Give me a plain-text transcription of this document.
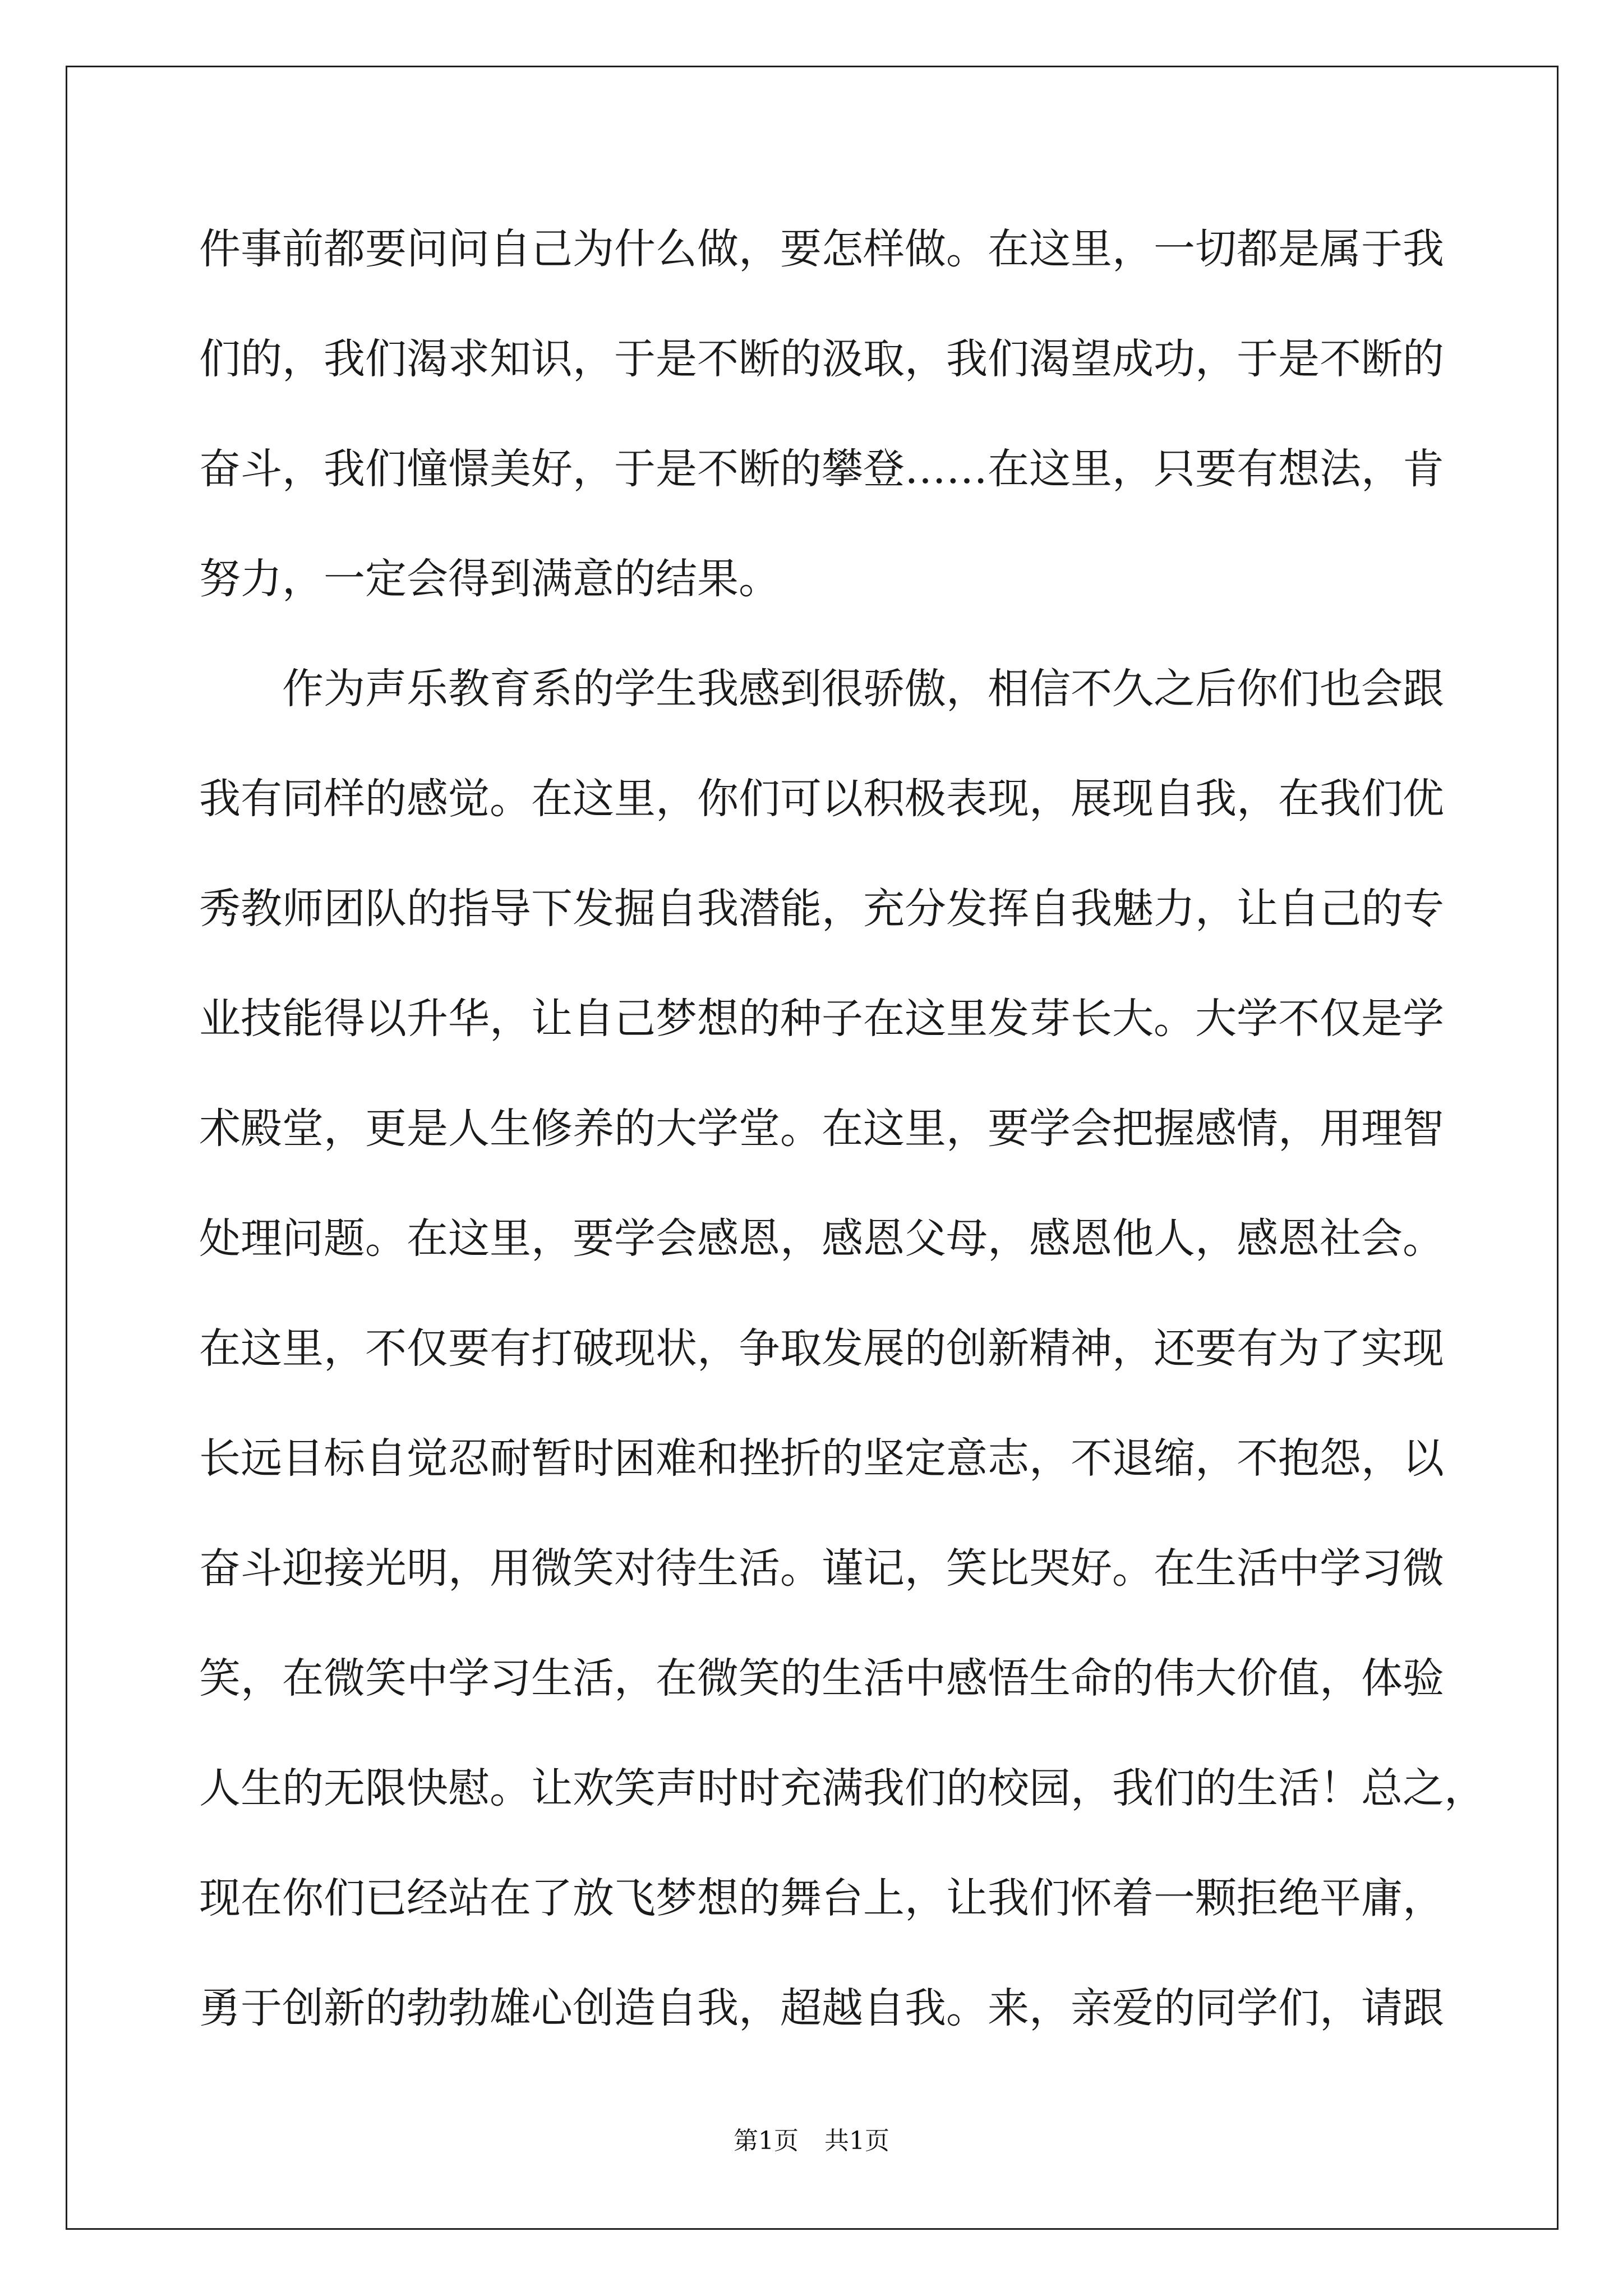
件事前都要问问自己为什么做，要怎样做。在这里，一切都是属于我
们的，我们渴求知识，于是不断的汲取，我们渴望成功，于是不断的
奋斗，我们憧憬美好，于是不断的攀登……在这里，只要有想法，肯
努力，一定会得到满意的结果。
　　作为声乐教育系的学生我感到很骄傲，相信不久之后你们也会跟
我有同样的感觉。在这里，你们可以积极表现，展现自我，在我们优
秀教师团队的指导下发掘自我潜能，充分发挥自我魅力，让自己的专
业技能得以升华，让自己梦想的种子在这里发芽长大。大学不仅是学
术殿堂，更是人生修养的大学堂。在这里，要学会把握感情，用理智
处理问题。在这里，要学会感恩，感恩父母，感恩他人，感恩社会。
在这里，不仅要有打破现状，争取发展的创新精神，还要有为了实现
长远目标自觉忍耐暂时困难和挫折的坚定意志，不退缩，不抱怨，以
奋斗迎接光明，用微笑对待生活。谨记，笑比哭好。在生活中学习微
笑，在微笑中学习生活，在微笑的生活中感悟生命的伟大价值，体验
人生的无限快慰。让欢笑声时时充满我们的校园，我们的生活！总之，
现在你们已经站在了放飞梦想的舞台上，让我们怀着一颗拒绝平庸，
勇于创新的勃勃雄心创造自我，超越自我。来，亲爱的同学们，请跟
第1页 共1页
